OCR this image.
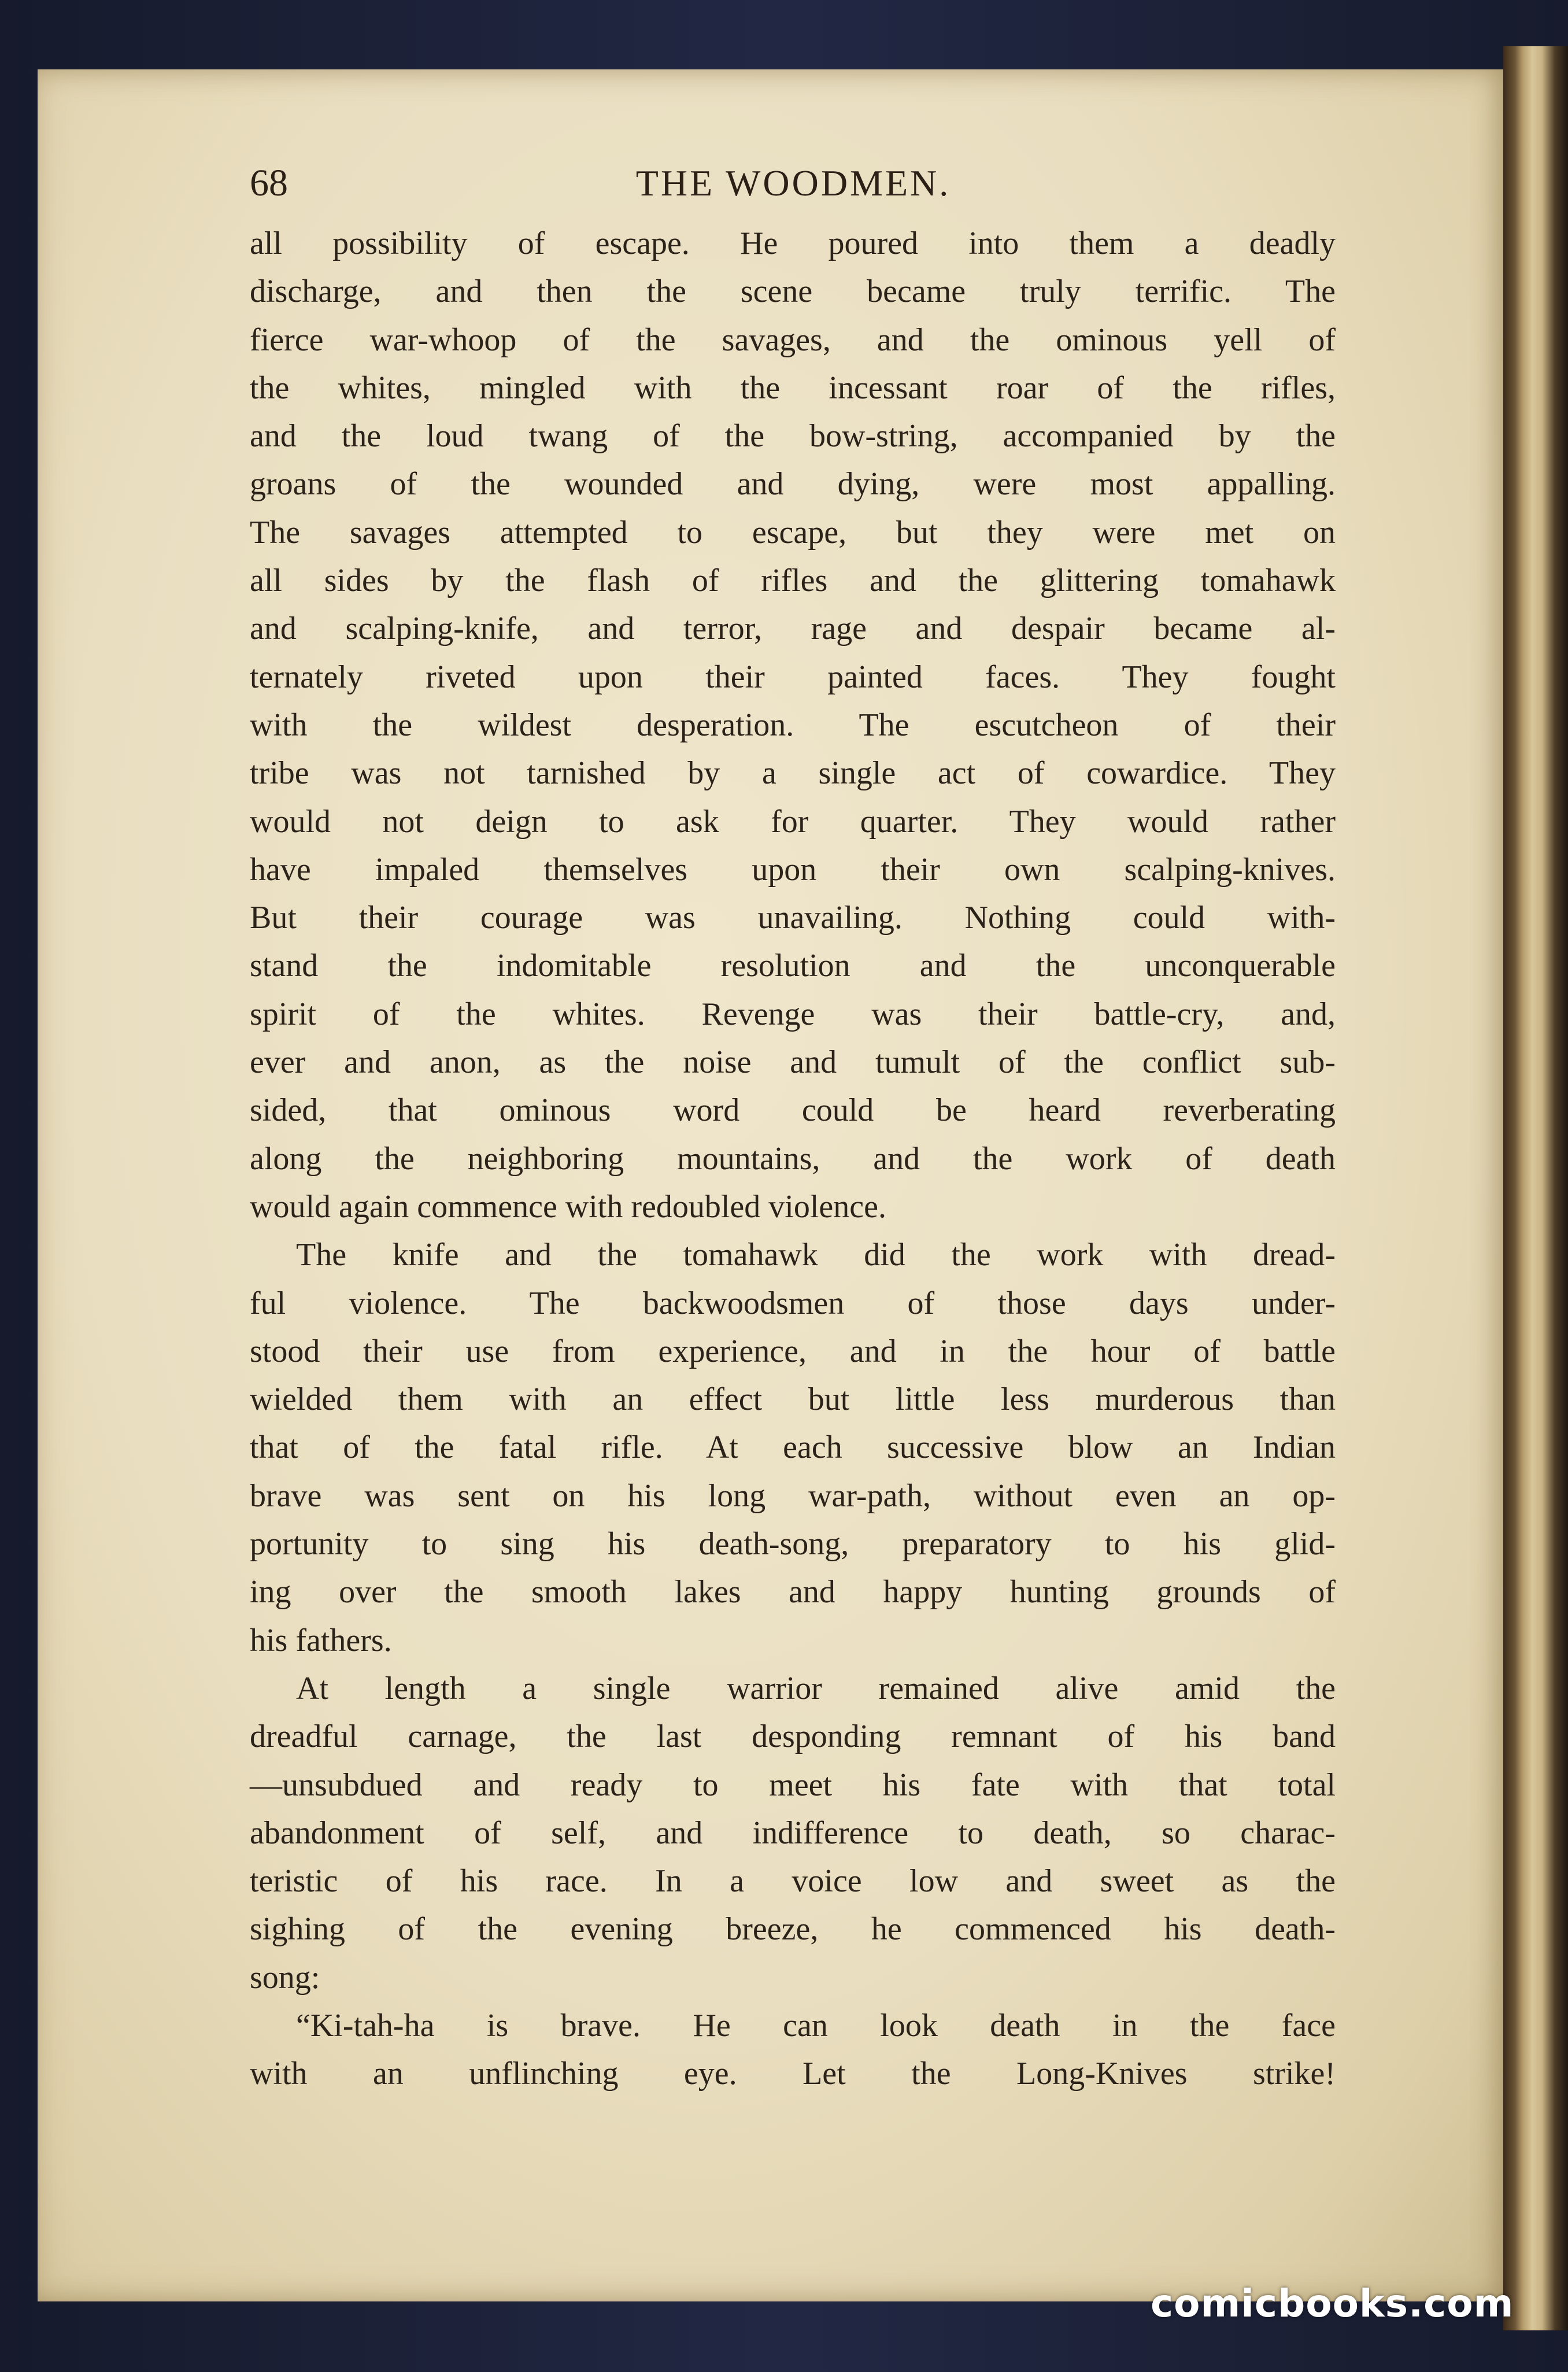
68	THE WOODMEN.
all possibility of escape. He poured into them a deadly
discharge, and then the scene became truly terrific. The
fierce war-whoop of the savages, and the ominous yell of
the whites, mingled with the incessant roar of the rifles,
and the loud twang of the bow-string, accompanied by the
groans of the wounded and dying, were most appalling.
The savages attempted to escape, but they were met on
all sides by the flash of rifles and the glittering tomahawk
and scalping-knife, and terror, rage and despair became al-
ternately riveted upon their painted faces. They fought
with the wildest desperation. The escutcheon of their
tribe was not tarnished by a single act of cowardice. They
would not deign to ask for quarter. They would rather
have impaled themselves upon their own scalping-knives.
But their courage was unavailing. Nothing could with-
stand the indomitable resolution and the unconquerable
spirit of the whites. Revenge was their battle-cry, and,
ever and anon, as the noise and tumult of the conflict sub-
sided, that ominous word could be heard reverberating
along the neighboring mountains, and the work of death
would again commence with redoubled violence.
The knife and the tomahawk did the work with dread-
ful violence. The backwoodsmen of those days under-
stood their use from experience, and in the hour of battle
wielded them with an effect but little less murderous than
that of the fatal rifle. At each successive blow an Indian
brave was sent on his long war-path, without even an op-
portunity to sing his death-song, preparatory to his glid-
ing over the smooth lakes and happy hunting grounds of
his fathers.
At length a single warrior remained alive amid the
dreadful carnage, the last desponding remnant of his band
—unsubdued and ready to meet his fate with that total
abandonment of self, and indifference to death, so charac-
teristic of his race. In a voice low and sweet as the
sighing of the evening breeze, he commenced his death-
song:
“Ki-tah-ha is brave. He can look death in the face
with an unflinching eye. Let the Long-Knives strike!
comicbooks.com
